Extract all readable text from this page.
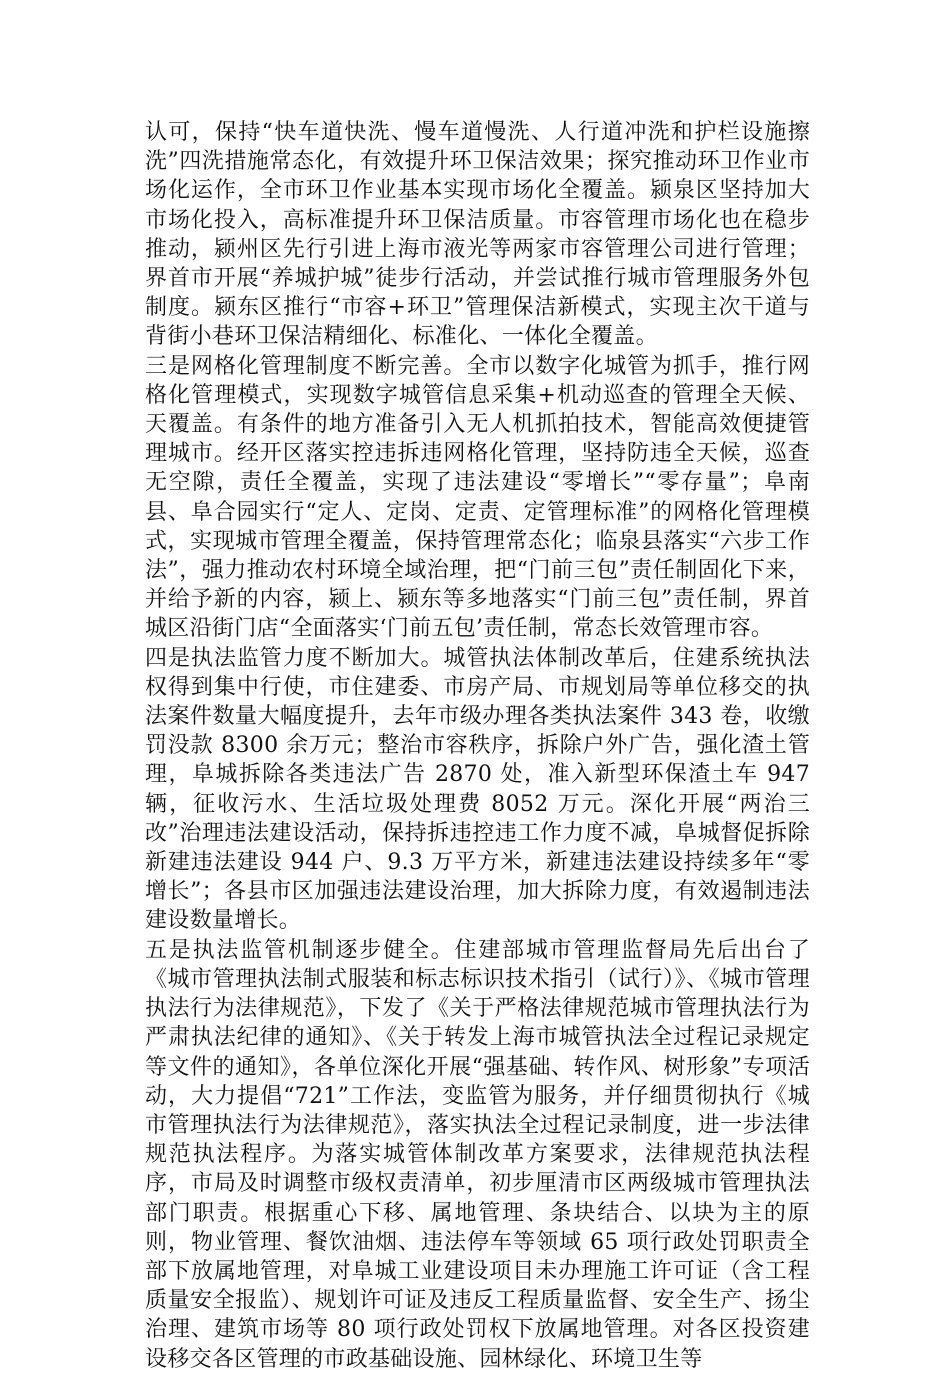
认可，保持“快车道快洗、慢车道慢洗、人行道冲洗和护栏设施擦洗”四洗措施常态化，有效提升环卫保洁效果；探究推动环卫作业市场化运作，全市环卫作业基本实现市场化全覆盖。颍泉区坚持加大市场化投入，高标准提升环卫保洁质量。市容管理市场化也在稳步推动，颍州区先行引进上海市液光等两家市容管理公司进行管理；界首市开展“养城护城”徒步行活动，并尝试推行城市管理服务外包制度。颍东区推行“市容+环卫”管理保洁新模式，实现主次干道与背街小巷环卫保洁精细化、标准化、一体化全覆盖。

三是网格化管理制度不断完善。全市以数字化城管为抓手，推行网格化管理模式，实现数字城管信息采集+机动巡查的管理全天候、天覆盖。有条件的地方准备引入无人机抓拍技术，智能高效便捷管理城市。经开区落实控违拆违网格化管理，坚持防违全天候，巡查无空隙，责任全覆盖，实现了违法建设“零增长”“零存量”；阜南县、阜合园实行“定人、定岗、定责、定管理标准”的网格化管理模式，实现城市管理全覆盖，保持管理常态化；临泉县落实“六步工作法”，强力推动农村环境全域治理，把“门前三包”责任制固化下来，并给予新的内容，颍上、颍东等多地落实“门前三包”责任制，界首城区沿街门店“全面落实‘门前五包’责任制，常态长效管理市容。

四是执法监管力度不断加大。城管执法体制改革后，住建系统执法权得到集中行使，市住建委、市房产局、市规划局等单位移交的执法案件数量大幅度提升，去年市级办理各类执法案件 343 卷，收缴罚没款 8300 余万元；整治市容秩序，拆除户外广告，强化渣土管理，阜城拆除各类违法广告 2870 处，准入新型环保渣土车 947 辆，征收污水、生活垃圾处理费 8052 万元。深化开展“两治三改”治理违法建设活动，保持拆违控违工作力度不减，阜城督促拆除新建违法建设 944 户、9.3 万平方米，新建违法建设持续多年“零增长”；各县市区加强违法建设治理，加大拆除力度，有效遏制违法建设数量增长。

五是执法监管机制逐步健全。住建部城市管理监督局先后出台了《城市管理执法制式服装和标志标识技术指引（试行）》、《城市管理执法行为法律规范》，下发了《关于严格法律规范城市管理执法行为严肃执法纪律的通知》、《关于转发上海市城管执法全过程记录规定等文件的通知》，各单位深化开展“强基础、转作风、树形象”专项活动，大力提倡“721”工作法，变监管为服务，并仔细贯彻执行《城市管理执法行为法律规范》，落实执法全过程记录制度，进一步法律规范执法程序。为落实城管体制改革方案要求，法律规范执法程序，市局及时调整市级权责清单，初步厘清市区两级城市管理执法部门职责。根据重心下移、属地管理、条块结合、以块为主的原则，物业管理、餐饮油烟、违法停车等领域 65 项行政处罚职责全部下放属地管理，对阜城工业建设项目未办理施工许可证（含工程质量安全报监）、规划许可证及违反工程质量监督、安全生产、扬尘治理、建筑市场等 80 项行政处罚权下放属地管理。对各区投资建设移交各区管理的市政基础设施、园林绿化、环境卫生等
